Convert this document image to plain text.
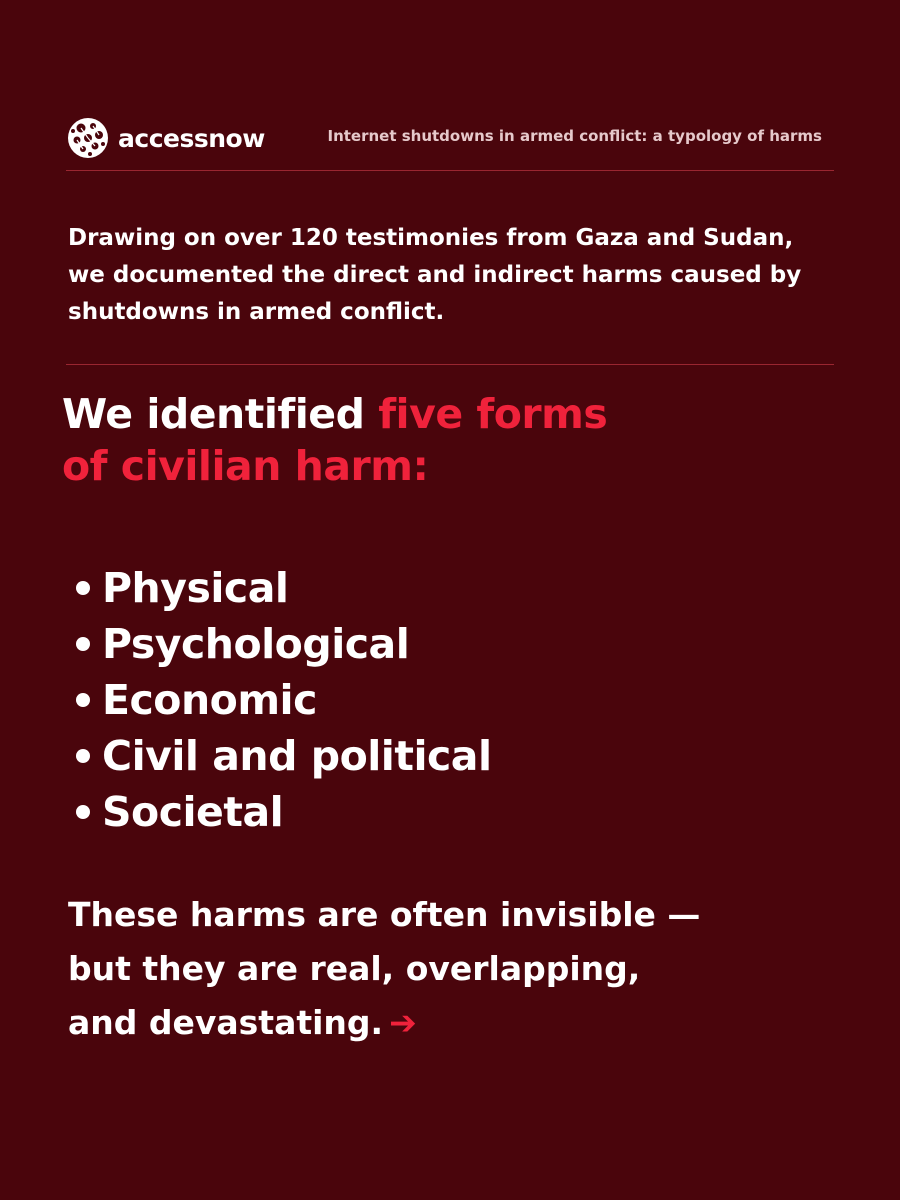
accessnow	Internet shutdowns in armed conflict: a typology of harms

Drawing on over 120 testimonies from Gaza and Sudan,
we documented the direct and indirect harms caused by
shutdowns in armed conflict.

We identified five forms
of civilian harm:
Physical
Psychological
Economic
Civil and political
Societal

These harms are often invisible —
but they are real, overlapping,
and devastating. ➔
